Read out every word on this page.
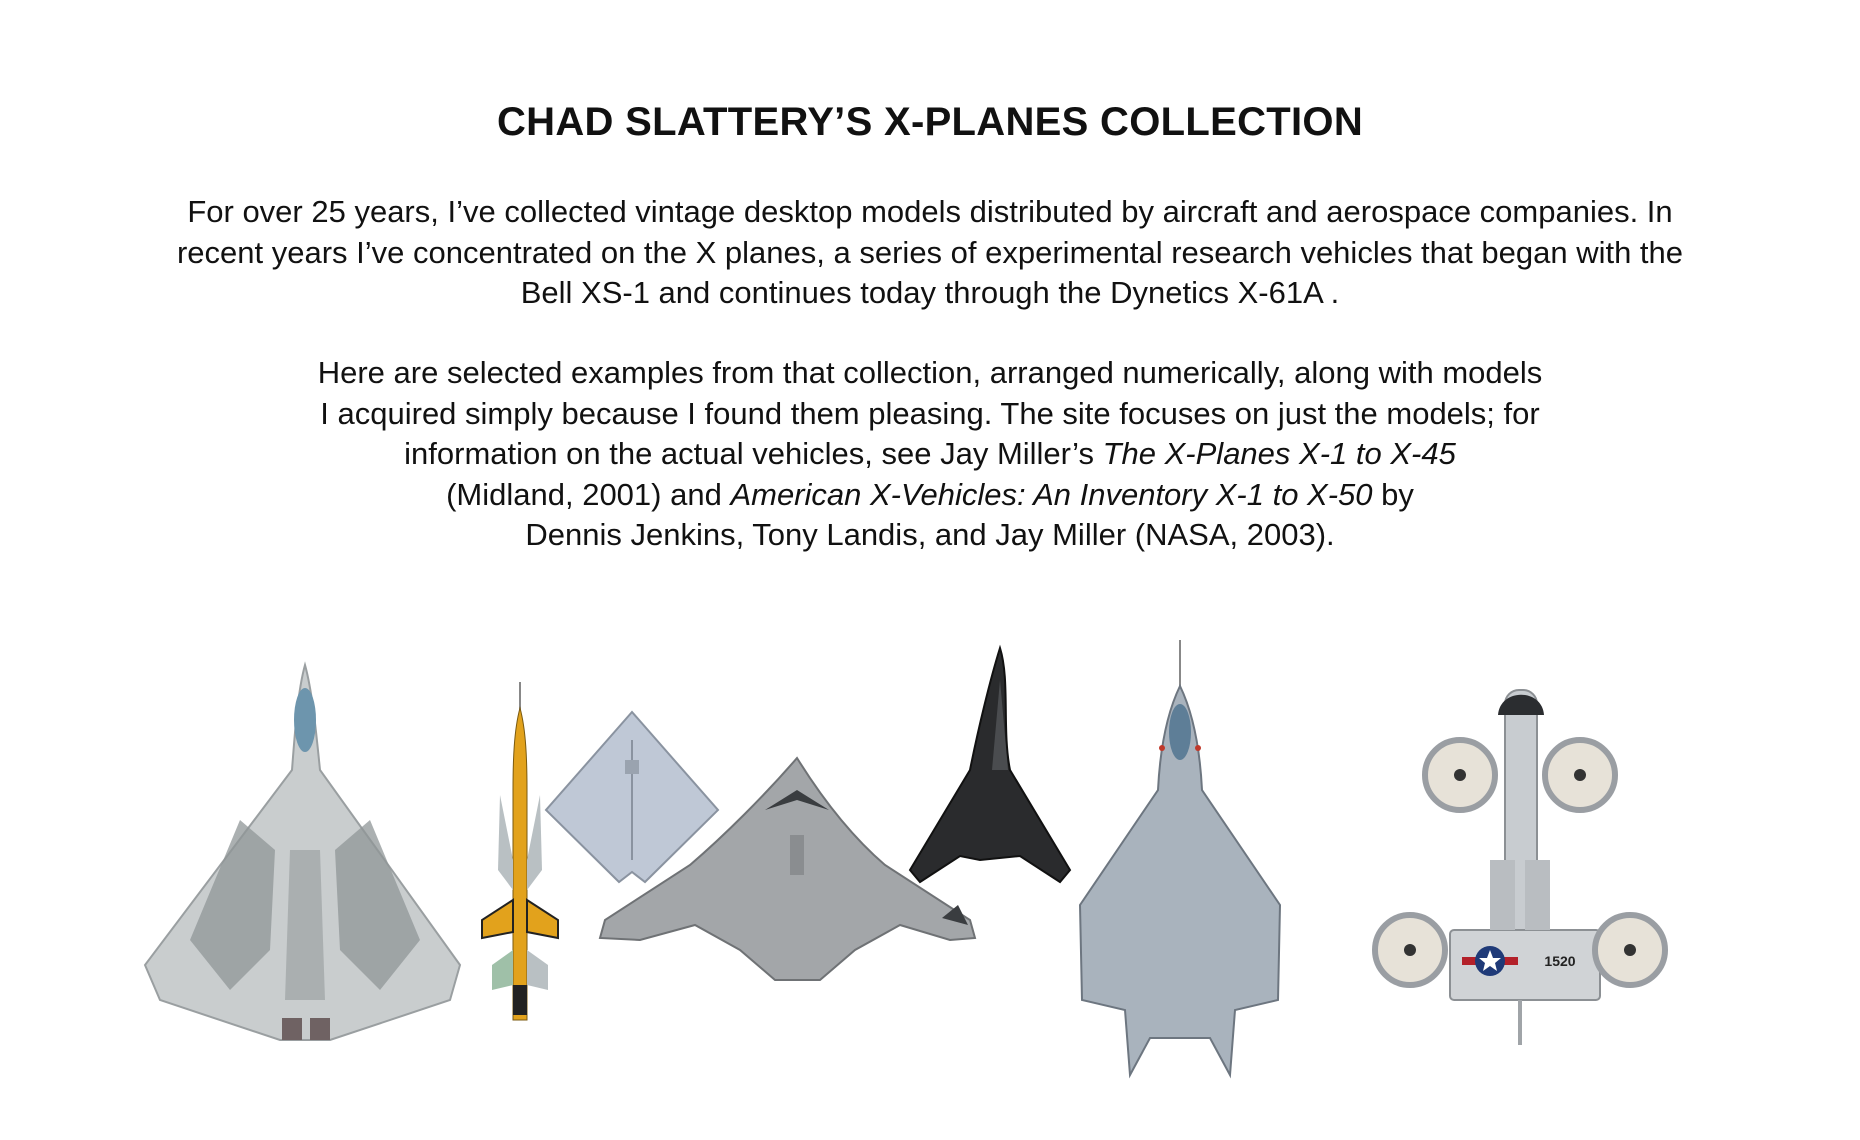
CHAD SLATTERY’S X-PLANES COLLECTION

For over 25 years, I’ve collected vintage desktop models distributed by aircraft and aerospace companies. In recent years I’ve concentrated on the X planes, a series of experimental research vehicles that began with the Bell XS-1 and continues today through the Dynetics X-61A .

Here are selected examples from that collection, arranged numerically, along with models
I acquired simply because I found them pleasing. The site focuses on just the models; for
information on the actual vehicles, see Jay Miller’s The X-Planes X-1 to X-45
(Midland, 2001) and American X-Vehicles: An Inventory X-1 to X-50 by
Dennis Jenkins, Tony Landis, and Jay Miller (NASA, 2003).
1520
